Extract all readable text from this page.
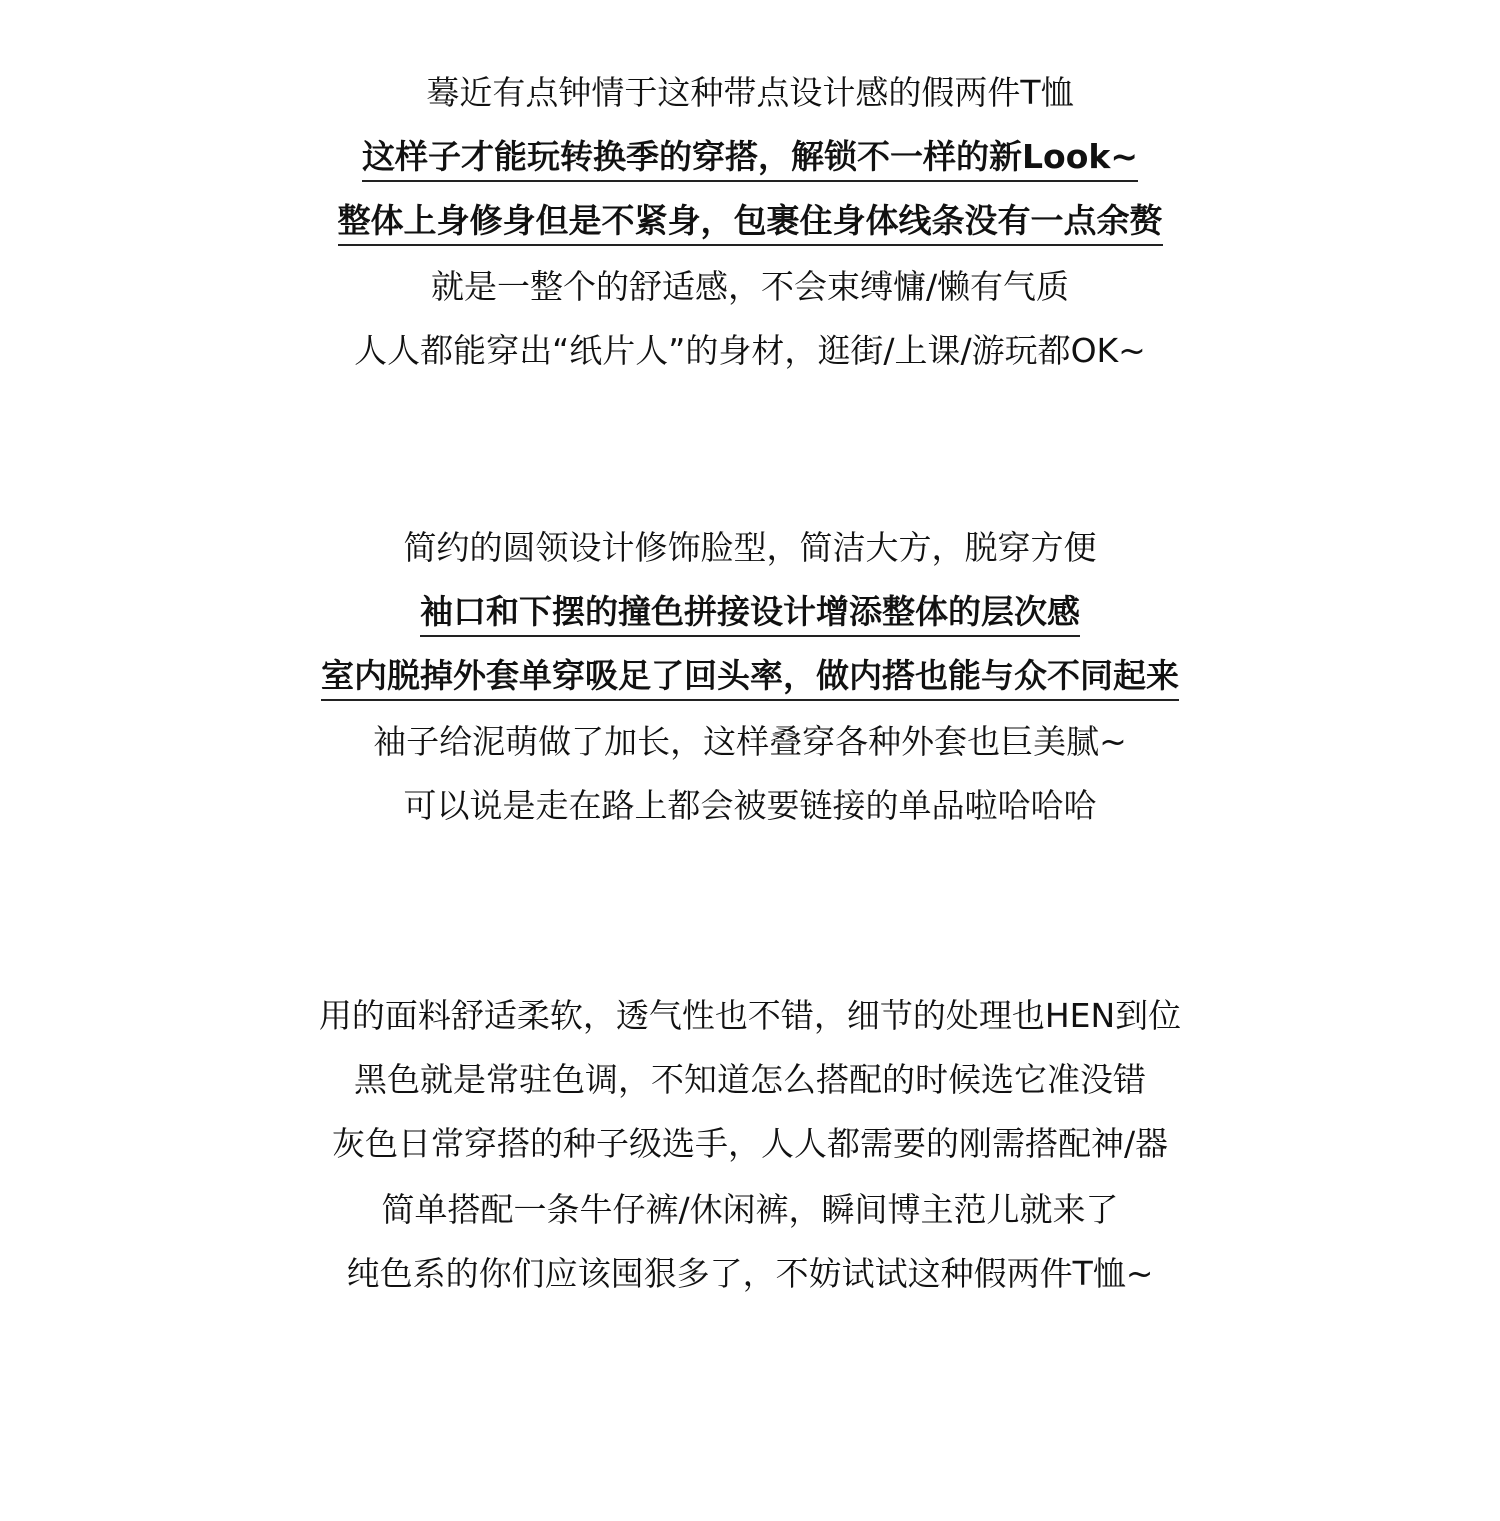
蓦近有点钟情于这种带点设计感的假两件T恤
这样子才能玩转换季的穿搭，解锁不一样的新Look~
整体上身修身但是不紧身，包裹住身体线条没有一点余赘
就是一整个的舒适感，不会束缚慵/懒有气质
人人都能穿出“纸片人”的身材，逛街/上课/游玩都OK~
简约的圆领设计修饰脸型，简洁大方，脱穿方便
袖口和下摆的撞色拼接设计增添整体的层次感
室内脱掉外套单穿吸足了回头率，做内搭也能与众不同起来
袖子给泥萌做了加长，这样叠穿各种外套也巨美腻~
可以说是走在路上都会被要链接的单品啦哈哈哈
用的面料舒适柔软，透气性也不错，细节的处理也HEN到位
黑色就是常驻色调，不知道怎么搭配的时候选它准没错
灰色日常穿搭的种子级选手，人人都需要的刚需搭配神/器
简单搭配一条牛仔裤/休闲裤，瞬间博主范儿就来了
纯色系的你们应该囤狠多了，不妨试试这种假两件T恤~
